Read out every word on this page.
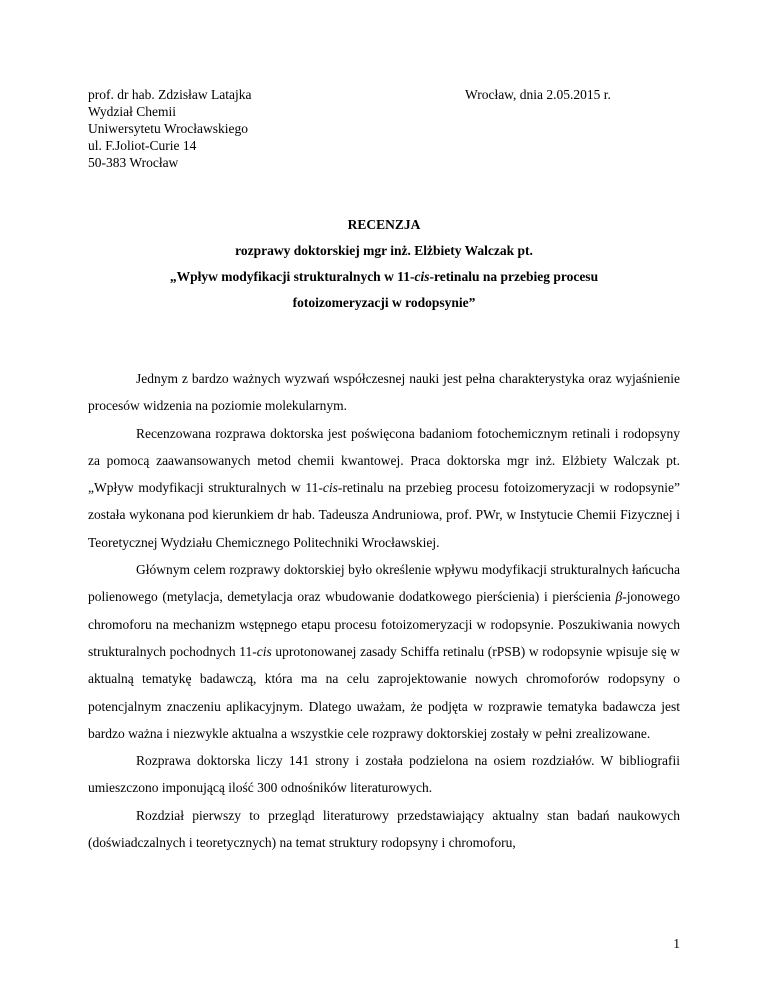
prof. dr hab. Zdzisław Latajka
Wydział Chemii
Uniwersytetu Wrocławskiego
ul. F.Joliot-Curie 14
50-383 Wrocław
Wrocław, dnia 2.05.2015 r.
RECENZJA
rozprawy doktorskiej mgr inż. Elżbiety Walczak pt.
„Wpływ modyfikacji strukturalnych w 11-cis-retinalu na przebieg procesu
fotoizomeryzacji w rodopsynie”

Jednym z bardzo ważnych wyzwań współczesnej nauki jest pełna charakterystyka oraz wyjaśnienie procesów widzenia na poziomie molekularnym.

Recenzowana rozprawa doktorska jest poświęcona badaniom fotochemicznym retinali i rodopsyny za pomocą zaawansowanych metod chemii kwantowej. Praca doktorska mgr inż. Elżbiety Walczak pt. „Wpływ modyfikacji strukturalnych w 11-cis-retinalu na przebieg procesu fotoizomeryzacji w rodopsynie” została wykonana pod kierunkiem dr hab. Tadeusza Andruniowa, prof. PWr, w Instytucie Chemii Fizycznej i Teoretycznej Wydziału Chemicznego Politechniki Wrocławskiej.

Głównym celem rozprawy doktorskiej było określenie wpływu modyfikacji strukturalnych łańcucha polienowego (metylacja, demetylacja oraz wbudowanie dodatkowego pierścienia) i pierścienia β-jonowego chromoforu na mechanizm wstępnego etapu procesu fotoizomeryzacji w rodopsynie. Poszukiwania nowych strukturalnych pochodnych 11-cis uprotonowanej zasady Schiffa retinalu (rPSB) w rodopsynie wpisuje się w aktualną tematykę badawczą, która ma na celu zaprojektowanie nowych chromoforów rodopsyny o potencjalnym znaczeniu aplikacyjnym. Dlatego uważam, że podjęta w rozprawie tematyka badawcza jest bardzo ważna i niezwykle aktualna a wszystkie cele rozprawy doktorskiej zostały w pełni zrealizowane.

Rozprawa doktorska liczy 141 strony i została podzielona na osiem rozdziałów. W bibliografii umieszczono imponującą ilość 300 odnośników literaturowych.

Rozdział pierwszy to przegląd literaturowy przedstawiający aktualny stan badań naukowych (doświadczalnych i teoretycznych) na temat struktury rodopsyny i chromoforu,

1
